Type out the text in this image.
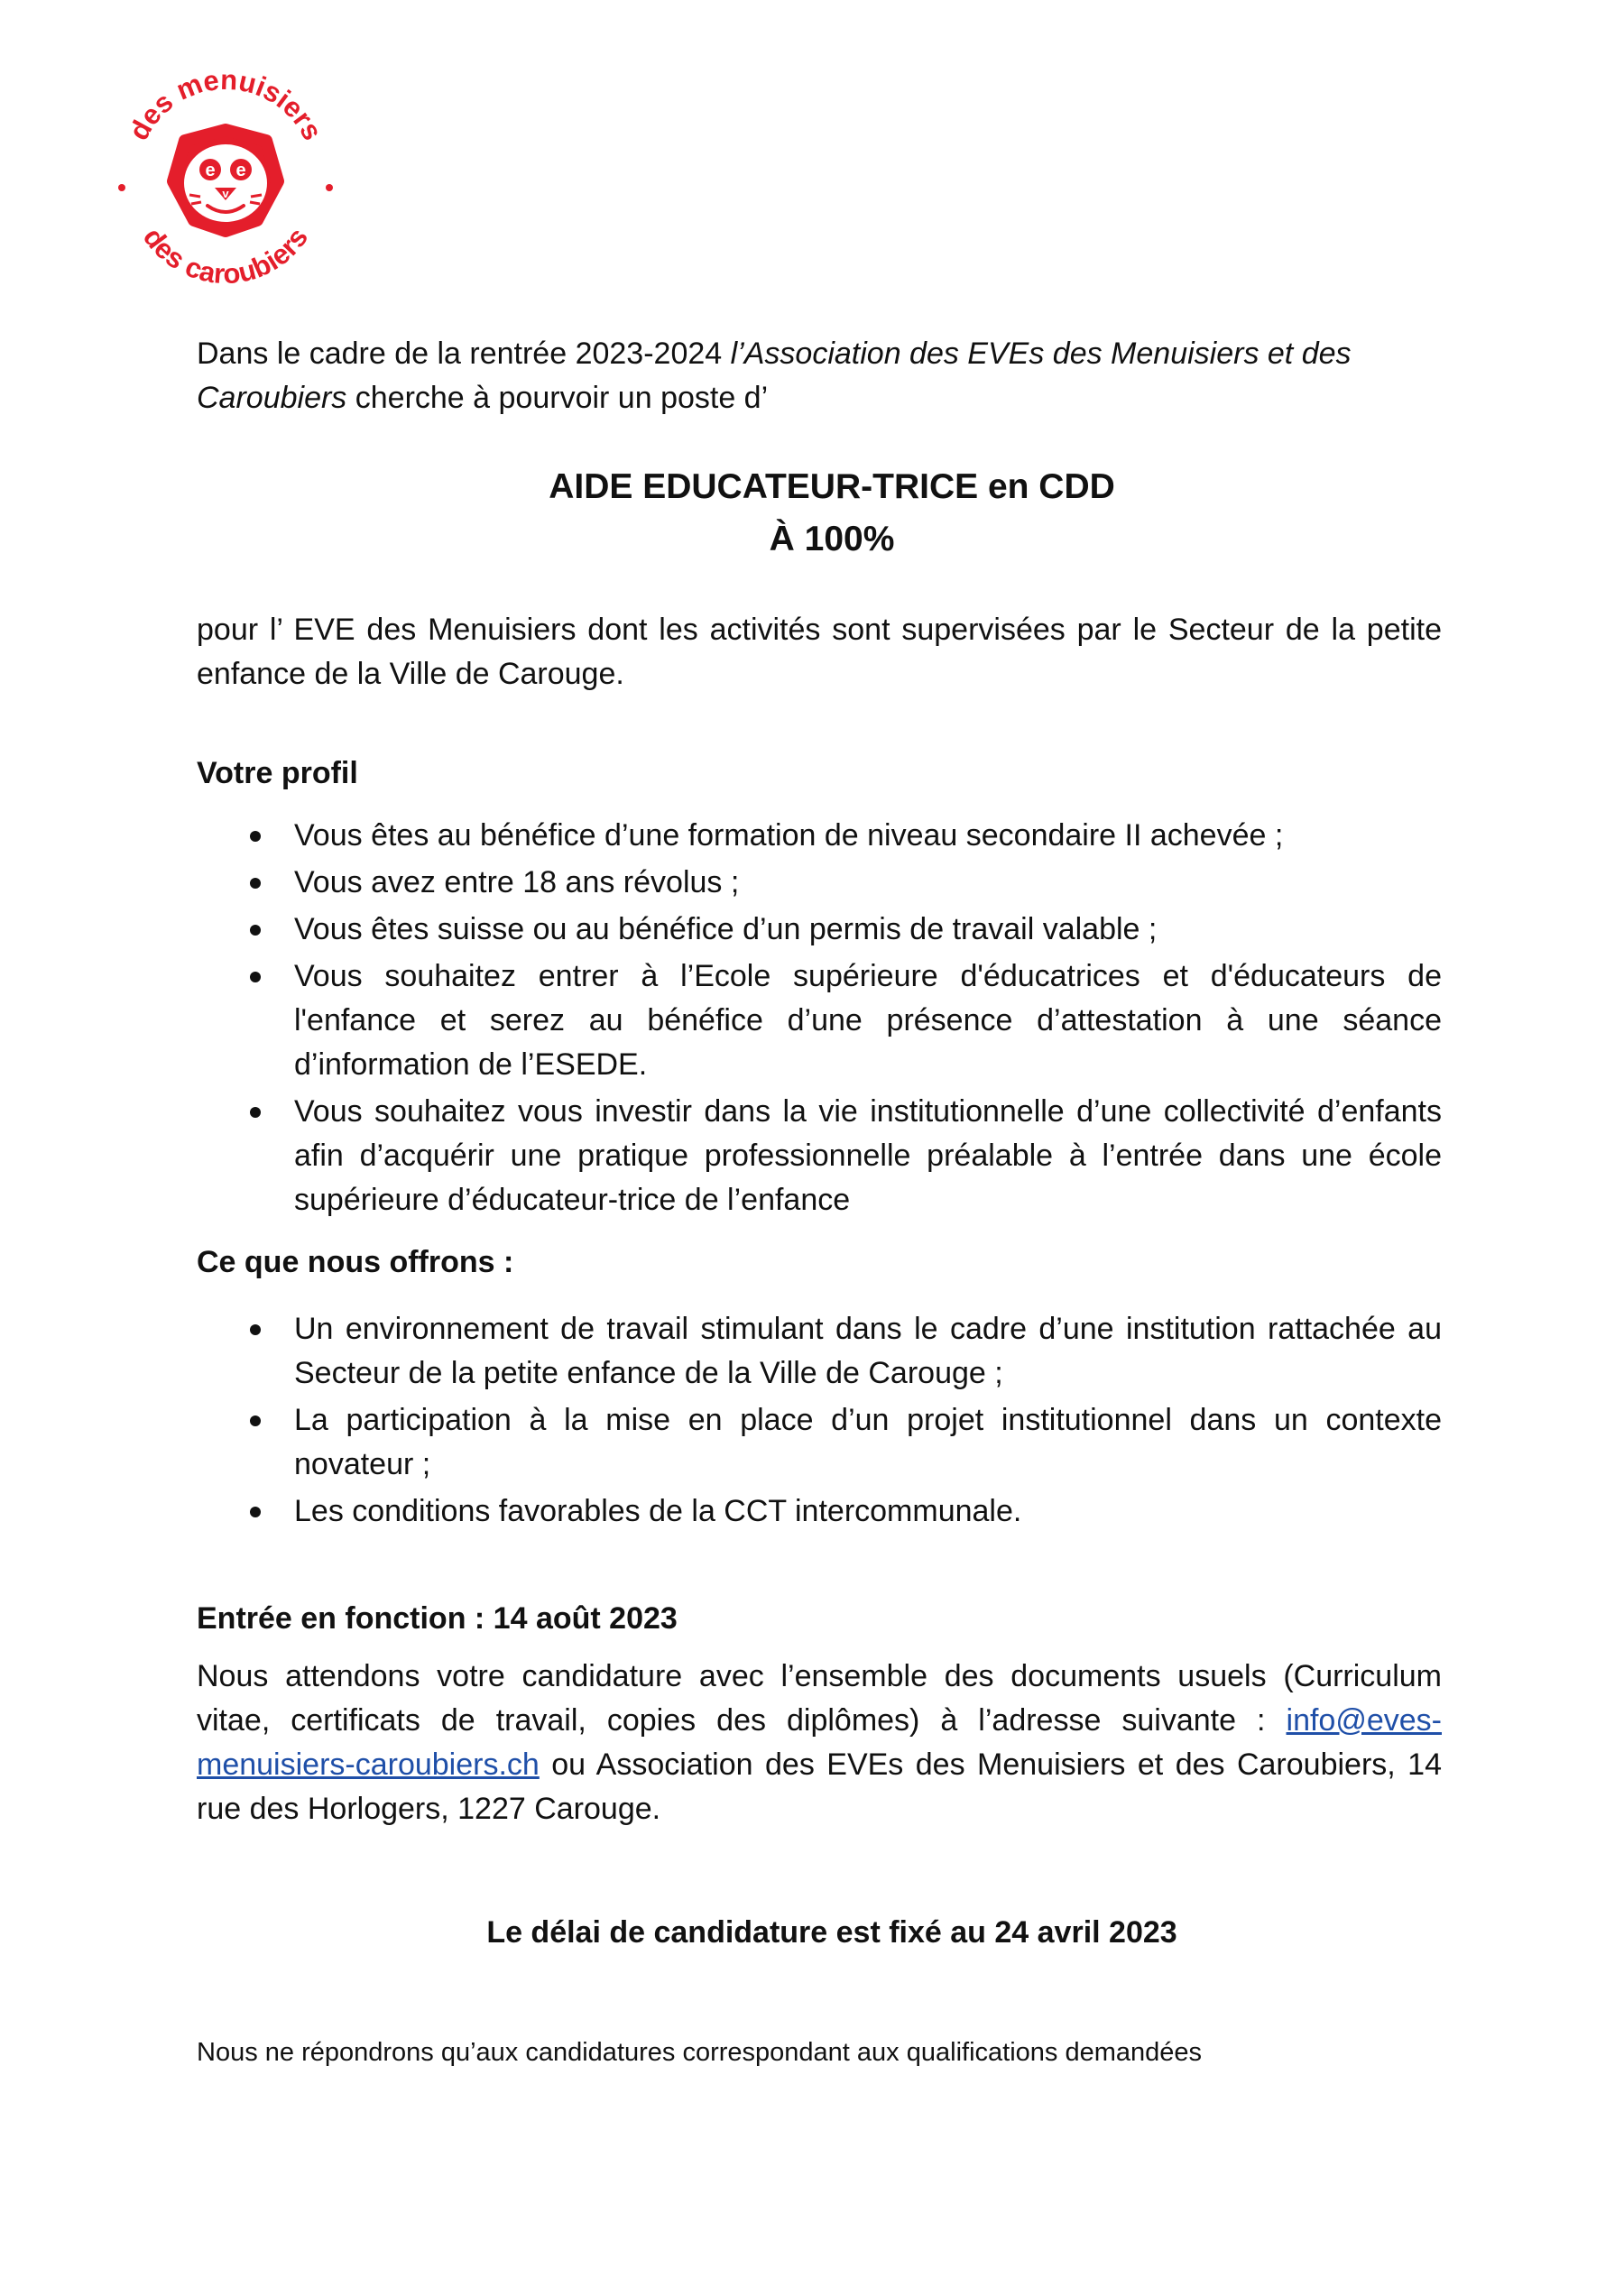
des menuisiers
des caroubiers
e e
v

Dans le cadre de la rentrée 2023-2024 l’Association des EVEs des Menuisiers et des Caroubiers cherche à pourvoir un poste d’

AIDE EDUCATEUR-TRICE en CDD
À 100%

pour l’ EVE des Menuisiers dont les activités sont supervisées par le Secteur de la petite enfance de la Ville de Carouge.

Votre profil

Vous êtes au bénéfice d’une formation de niveau secondaire II achevée ;
Vous avez entre 18 ans révolus ;
Vous êtes suisse ou au bénéfice d’un permis de travail valable ;
Vous souhaitez entrer à l’Ecole supérieure d'éducatrices et d'éducateurs de l'enfance et serez au bénéfice d’une présence d’attestation à une séance d’information de l’ESEDE.
Vous souhaitez vous investir dans la vie institutionnelle d’une collectivité d’enfants afin d’acquérir une pratique professionnelle préalable à l’entrée dans une école supérieure d’éducateur-trice de l’enfance

Ce que nous offrons :

Un environnement de travail stimulant dans le cadre d’une institution rattachée au Secteur de la petite enfance de la Ville de Carouge ;
La participation à la mise en place d’un projet institutionnel dans un contexte novateur ;
Les conditions favorables de la CCT intercommunale.

Entrée en fonction : 14 août 2023

Nous attendons votre candidature avec l’ensemble des documents usuels (Curriculum vitae, certificats de travail, copies des diplômes) à l’adresse suivante : info@eves-menuisiers-caroubiers.ch ou Association des EVEs des Menuisiers et des Caroubiers, 14 rue des Horlogers, 1227 Carouge.

Le délai de candidature est fixé au 24 avril 2023

Nous ne répondrons qu’aux candidatures correspondant aux qualifications demandées
